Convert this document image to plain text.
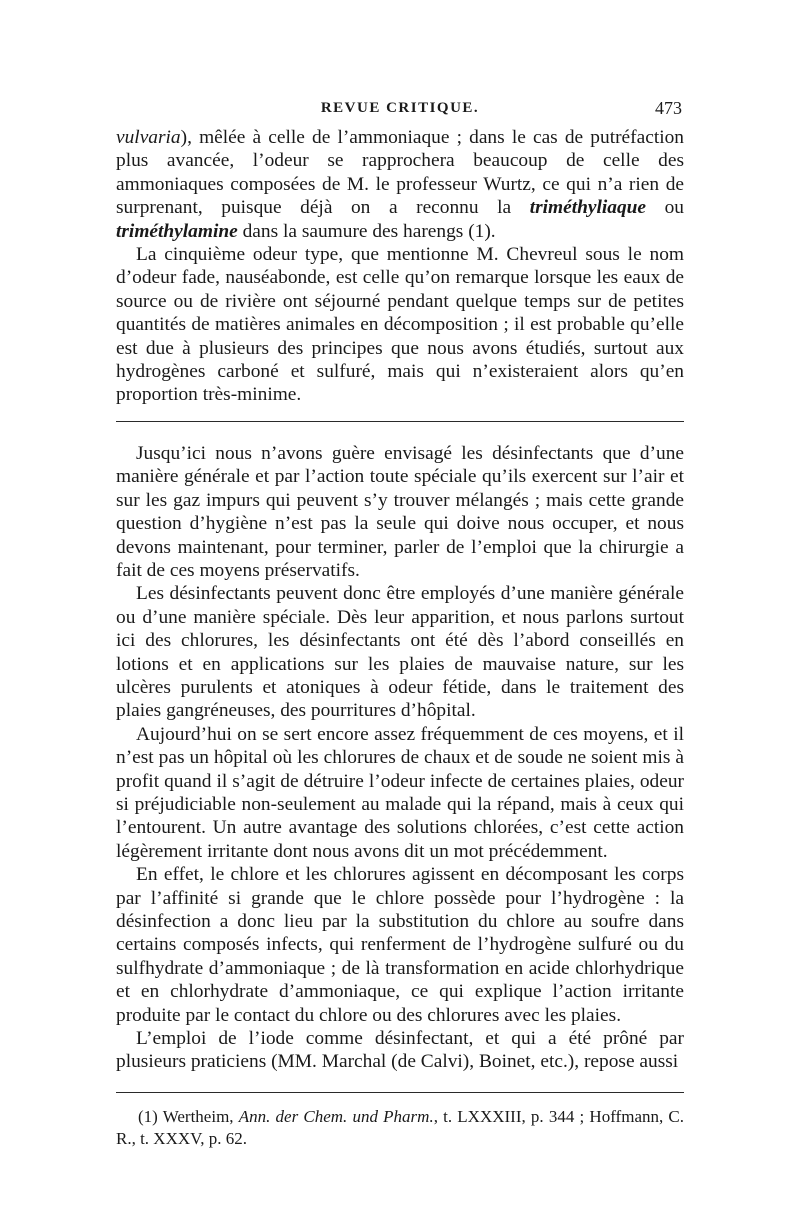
REVUE CRITIQUE.	473

vulvaria), mêlée à celle de l’ammoniaque ; dans le cas de putréfaction plus avancée, l’odeur se rapprochera beaucoup de celle des ammoniaques composées de M. le professeur Wurtz, ce qui n’a rien de surprenant, puisque déjà on a reconnu la triméthyliaque ou triméthylamine dans la saumure des harengs (1).

La cinquième odeur type, que mentionne M. Chevreul sous le nom d’odeur fade, nauséabonde, est celle qu’on remarque lorsque les eaux de source ou de rivière ont séjourné pendant quelque temps sur de petites quantités de matières animales en décomposition ; il est probable qu’elle est due à plusieurs des principes que nous avons étudiés, surtout aux hydrogènes carboné et sulfuré, mais qui n’existeraient alors qu’en proportion très-minime.

Jusqu’ici nous n’avons guère envisagé les désinfectants que d’une manière générale et par l’action toute spéciale qu’ils exercent sur l’air et sur les gaz impurs qui peuvent s’y trouver mélangés ; mais cette grande question d’hygiène n’est pas la seule qui doive nous occuper, et nous devons maintenant, pour terminer, parler de l’emploi que la chirurgie a fait de ces moyens préservatifs.

Les désinfectants peuvent donc être employés d’une manière générale ou d’une manière spéciale. Dès leur apparition, et nous parlons surtout ici des chlorures, les désinfectants ont été dès l’abord conseillés en lotions et en applications sur les plaies de mauvaise nature, sur les ulcères purulents et atoniques à odeur fétide, dans le traitement des plaies gangréneuses, des pourritures d’hôpital.

Aujourd’hui on se sert encore assez fréquemment de ces moyens, et il n’est pas un hôpital où les chlorures de chaux et de soude ne soient mis à profit quand il s’agit de détruire l’odeur infecte de certaines plaies, odeur si préjudiciable non-seulement au malade qui la répand, mais à ceux qui l’entourent. Un autre avantage des solutions chlorées, c’est cette action légèrement irritante dont nous avons dit un mot précédemment.

En effet, le chlore et les chlorures agissent en décomposant les corps par l’affinité si grande que le chlore possède pour l’hydrogène : la désinfection a donc lieu par la substitution du chlore au soufre dans certains composés infects, qui renferment de l’hydrogène sulfuré ou du sulfhydrate d’ammoniaque ; de là transformation en acide chlorhydrique et en chlorhydrate d’ammoniaque, ce qui explique l’action irritante produite par le contact du chlore ou des chlorures avec les plaies.

L’emploi de l’iode comme désinfectant, et qui a été prôné par plusieurs praticiens (MM. Marchal (de Calvi), Boinet, etc.), repose aussi

(1) Wertheim, Ann. der Chem. und Pharm., t. LXXXIII, p. 344 ; Hoffmann, C. R., t. XXXV, p. 62.
